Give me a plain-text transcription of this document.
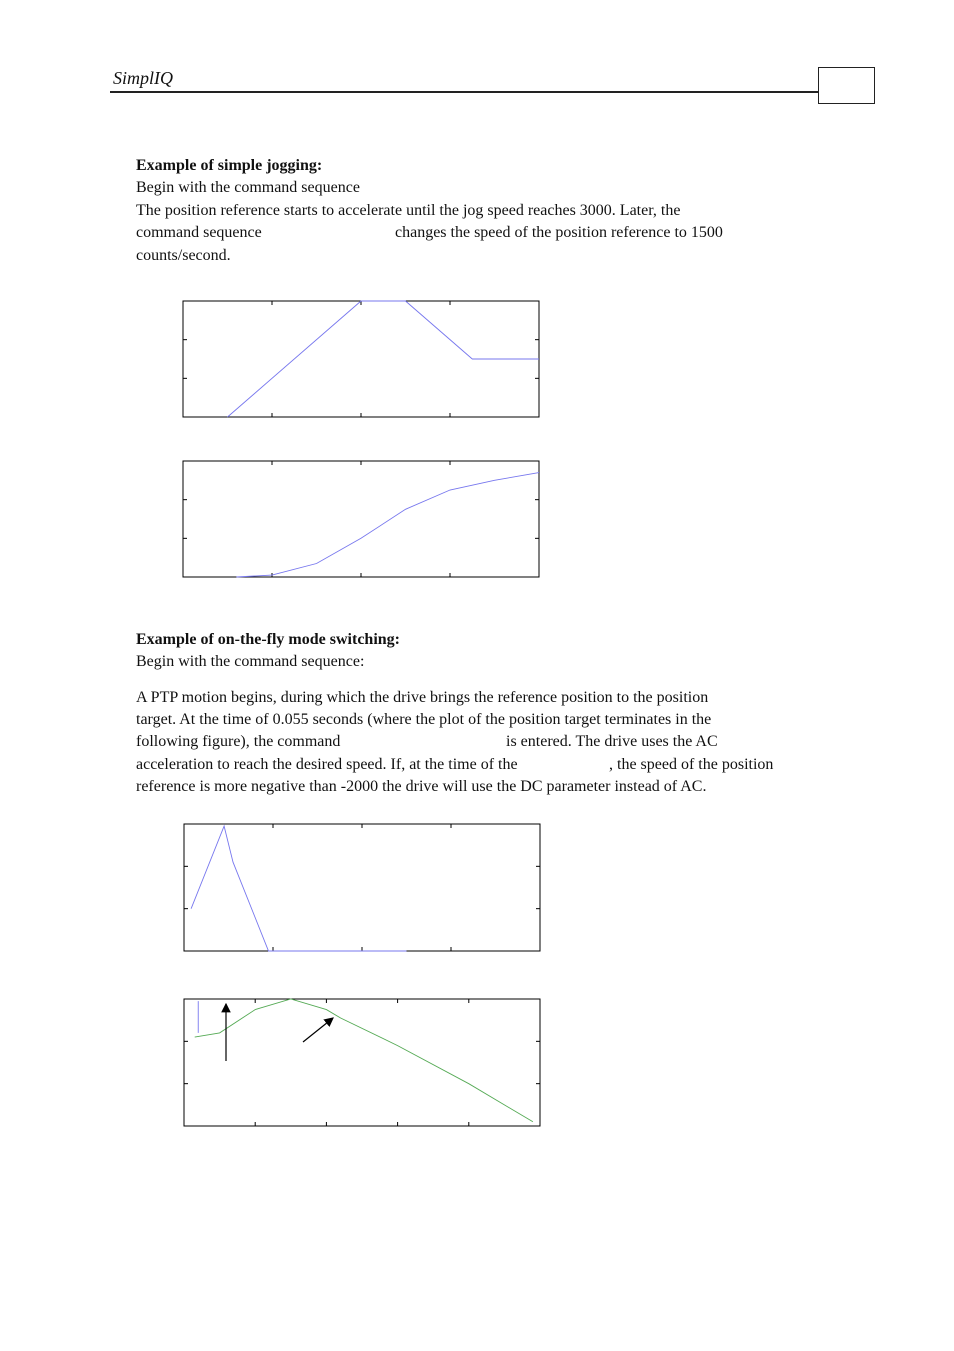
SimplIQ
Example of simple jogging:
Begin with the command sequence
The position reference starts to accelerate until the jog speed reaches 3000. Later, the
command sequence	changes the speed of the position reference to 1500
counts/second.
Example of on-the-fly mode switching:
Begin with the command sequence:
A PTP motion begins, during which the drive brings the reference position to the position
target. At the time of 0.055 seconds (where the plot of the position target terminates in the
following figure), the command	is entered. The drive uses the AC
acceleration to reach the desired speed. If, at the time of the	, the speed of the position
reference is more negative than -2000 the drive will use the DC parameter instead of AC.
